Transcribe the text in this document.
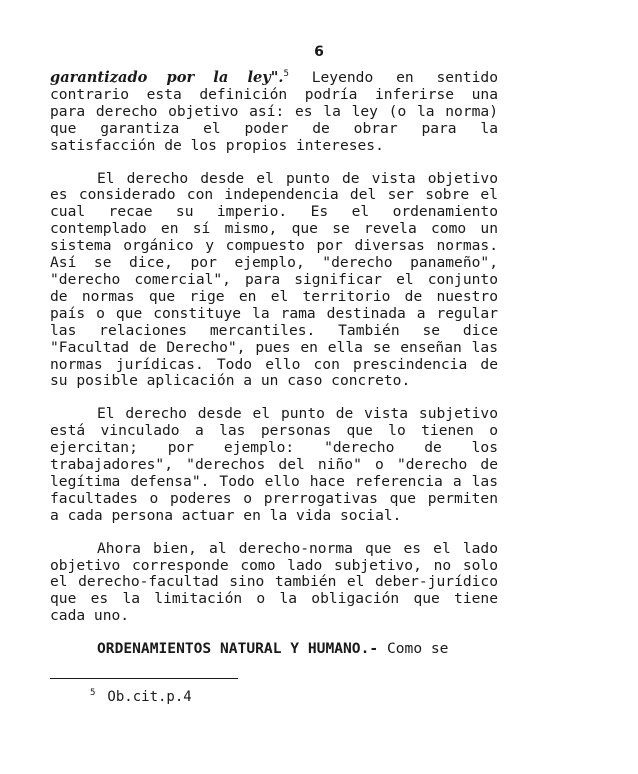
6

garantizado por la ley".$^5$ Leyendo en sentido contrario esta definición podría inferirse una para derecho objetivo así: es la ley (o la norma) que garantiza el poder de obrar para la satisfacción de los propios intereses.

El derecho desde el punto de vista objetivo es considerado con independencia del ser sobre el cual recae su imperio. Es el ordenamiento contemplado en sí mismo, que se revela como un sistema orgánico y compuesto por diversas normas. Así se dice, por ejemplo, "derecho panameño", "derecho comercial", para significar el conjunto de normas que rige en el territorio de nuestro país o que constituye la rama destinada a regular las relaciones mercantiles. También se dice "Facultad de Derecho", pues en ella se enseñan las normas jurídicas. Todo ello con prescindencia de su posible aplicación a un caso concreto.

El derecho desde el punto de vista subjetivo está vinculado a las personas que lo tienen o ejercitan; por ejemplo: "derecho de los trabajadores", "derechos del niño" o "derecho de legítima defensa". Todo ello hace referencia a las facultades o poderes o prerrogativas que permiten a cada persona actuar en la vida social.

Ahora bien, al derecho-norma que es el lado objetivo corresponde como lado subjetivo, no solo el derecho-facultad sino también el deber-jurídico que es la limitación o la obligación que tiene cada uno.

ORDENAMIENTOS NATURAL Y HUMANO.- Como se

$^5$ Ob.cit.p.4
